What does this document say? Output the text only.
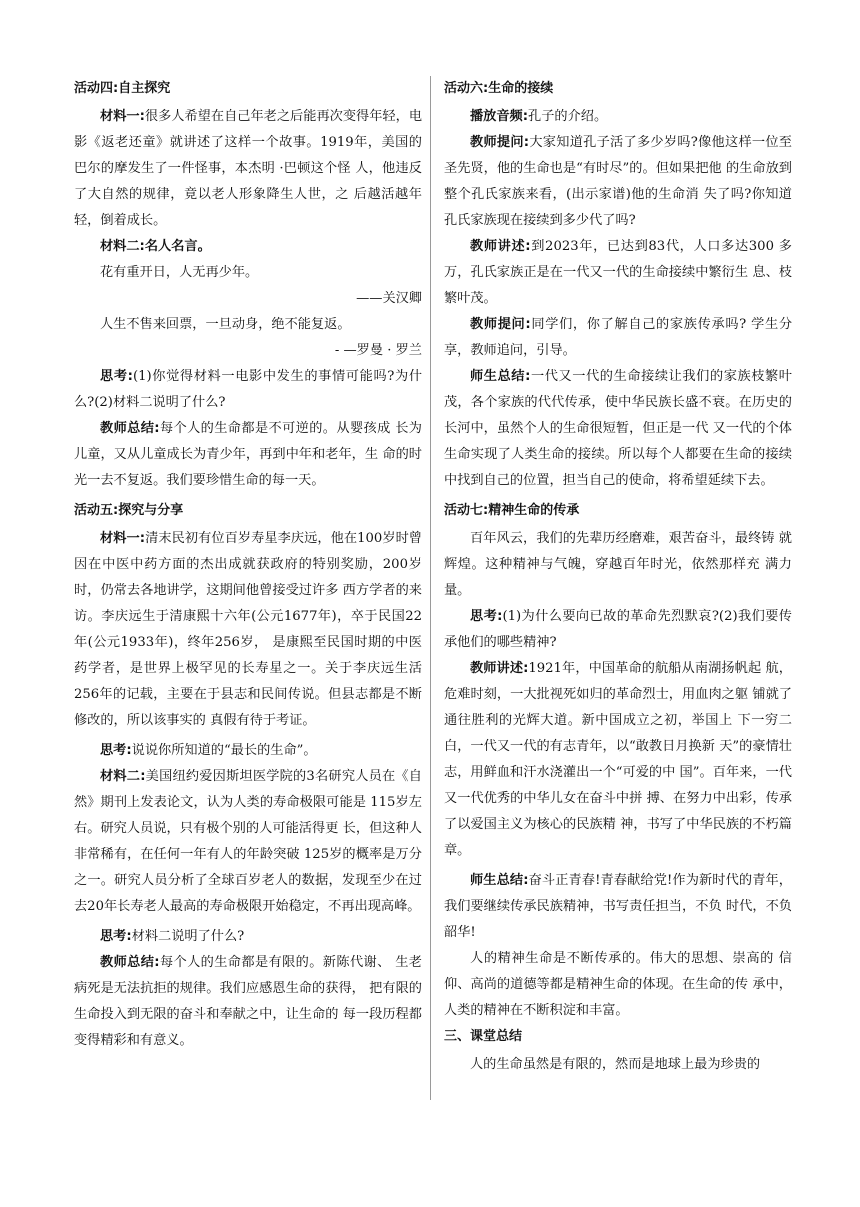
活动四:自主探究

材料一:很多人希望在自己年老之后能再次变得年轻，电影《返老还童》就讲述了这样一个故事。1919年，美国的巴尔的摩发生了一件怪事，本杰明 ·巴顿这个怪 人，他违反了大自然的规律，竟以老人形象降生人世，之 后越活越年轻，倒着成长。

材料二:名人名言。

花有重开日，人无再少年。

——关汉卿

人生不售来回票，一旦动身，绝不能复返。

- —罗曼 · 罗兰

思考:(1)你觉得材料一电影中发生的事情可能吗?为什么?(2)材料二说明了什么?

教师总结:每个人的生命都是不可逆的。从婴孩成 长为儿童，又从儿童成长为青少年，再到中年和老年，生 命的时光一去不复返。我们要珍惜生命的每一天。

活动五:探究与分享

材料一:清末民初有位百岁寿星李庆远，他在100岁时曾因在中医中药方面的杰出成就获政府的特别奖励，200岁时，仍常去各地讲学，这期间他曾接受过许多 西方学者的来访。李庆远生于清康熙十六年(公元1677年)，卒于民国22年(公元1933年)，终年256岁， 是康熙至民国时期的中医药学者，是世界上极罕见的长寿星之一。关于李庆远生活256年的记载，主要在于县志和民间传说。但县志都是不断修改的，所以该事实的 真假有待于考证。

思考:说说你所知道的“最长的生命”。

材料二:美国纽约爱因斯坦医学院的3名研究人员在《自然》期刊上发表论文，认为人类的寿命极限可能是 115岁左右。研究人员说，只有极个别的人可能活得更 长，但这种人非常稀有，在任何一年有人的年龄突破 125岁的概率是万分之一。研究人员分析了全球百岁老人的数据，发现至少在过去20年长寿老人最高的寿命极限开始稳定，不再出现高峰。

思考:材料二说明了什么?

教师总结:每个人的生命都是有限的。新陈代谢、 生老病死是无法抗拒的规律。我们应感恩生命的获得， 把有限的生命投入到无限的奋斗和奉献之中，让生命的 每一段历程都变得精彩和有意义。

活动六:生命的接续

播放音频:孔子的介绍。

教师提问:大家知道孔子活了多少岁吗?像他这样一位至圣先贤，他的生命也是“有时尽”的。但如果把他 的生命放到整个孔氏家族来看，(出示家谱)他的生命消 失了吗?你知道孔氏家族现在接续到多少代了吗?

教师讲述:到2023年，已达到83代，人口多达300 多万，孔氏家族正是在一代又一代的生命接续中繁衍生 息、枝繁叶茂。

教师提问:同学们，你了解自己的家族传承吗? 学生分享，教师追问，引导。

师生总结:一代又一代的生命接续让我们的家族枝繁叶茂，各个家族的代代传承，使中华民族长盛不衰。在历史的长河中，虽然个人的生命很短暂，但正是一代 又一代的个体生命实现了人类生命的接续。所以每个人都要在生命的接续中找到自己的位置，担当自己的使命，将希望延续下去。

活动七:精神生命的传承

百年风云，我们的先辈历经磨难，艰苦奋斗，最终铸 就辉煌。这种精神与气魄，穿越百年时光，依然那样充 满力量。

思考:(1)为什么要向已故的革命先烈默哀?(2)我们要传承他们的哪些精神?

教师讲述:1921年，中国革命的航船从南湖扬帆起 航，危难时刻，一大批视死如归的革命烈士，用血肉之躯 铺就了通往胜利的光辉大道。新中国成立之初，举国上 下一穷二白，一代又一代的有志青年，以“敢教日月换新 天”的豪情壮志，用鲜血和汗水浇灌出一个“可爱的中 国”。百年来，一代又一代优秀的中华儿女在奋斗中拼 搏、在努力中出彩，传承了以爱国主义为核心的民族精 神，书写了中华民族的不朽篇章。

师生总结:奋斗正青春!青春献给党!作为新时代的青年，我们要继续传承民族精神，书写责任担当，不负 时代，不负韶华!

人的精神生命是不断传承的。伟大的思想、崇高的 信仰、高尚的道德等都是精神生命的体现。在生命的传 承中，人类的精神在不断积淀和丰富。

三、课堂总结

人的生命虽然是有限的，然而是地球上最为珍贵的
